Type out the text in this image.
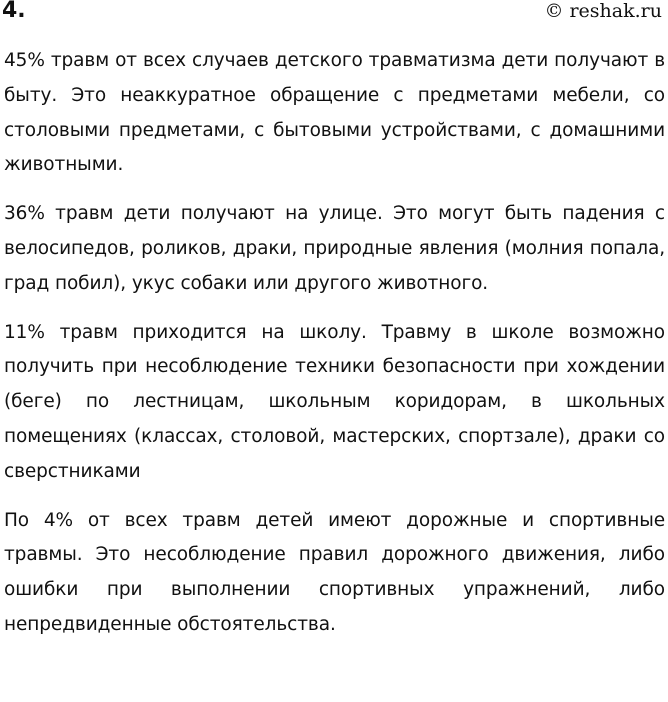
4.	© reshak.ru

45% травм от всех случаев детского травматизма дети получают в быту. Это неаккуратное обращение с предметами мебели, со столовыми предметами, с бытовыми устройствами, с домашними животными.

36% травм дети получают на улице. Это могут быть падения с велосипедов, роликов, драки, природные явления (молния попала, град побил), укус собаки или другого животного.

11% травм приходится на школу. Травму в школе возможно получить при несоблюдение техники безопасности при хождении (беге) по лестницам, школьным коридорам, в школьных помещениях (классах, столовой, мастерских, спортзале), драки со сверстниками

По 4% от всех травм детей имеют дорожные и спортивные травмы. Это несоблюдение правил дорожного движения, либо ошибки при выполнении спортивных упражнений, либо непредвиденные обстоятельства.
